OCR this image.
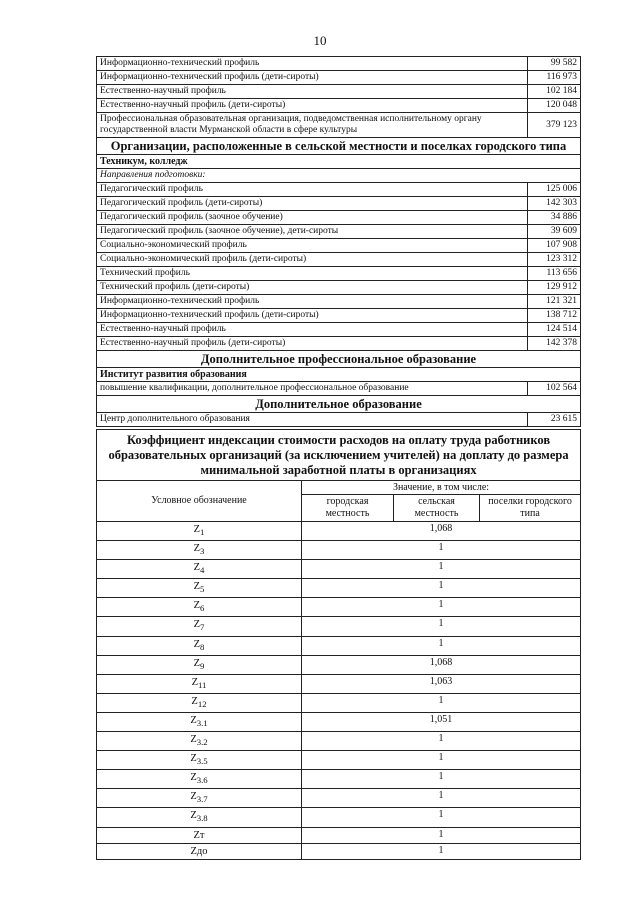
10
Информационно-технический профиль	99 582
Информационно-технический профиль (дети-сироты)	116 973
Естественно-научный профиль	102 184
Естественно-научный профиль (дети-сироты)	120 048
Профессиональная образовательная организация, подведомственная исполнительному органу государственной власти Мурманской области в сфере культуры	379 123
Организации, расположенные в сельской местности и поселках городского типа	
Техникум, колледж	
Направления подготовки:	
Педагогический профиль	125 006
Педагогический профиль (дети-сироты)	142 303
Педагогический профиль (заочное обучение)	34 886
Педагогический профиль (заочное обучение), дети-сироты	39 609
Социально-экономический профиль	107 908
Социально-экономический профиль (дети-сироты)	123 312
Технический профиль	113 656
Технический профиль (дети-сироты)	129 912
Информационно-технический профиль	121 321
Информационно-технический профиль (дети-сироты)	138 712
Естественно-научный профиль	124 514
Естественно-научный профиль (дети-сироты)	142 378
Дополнительное профессиональное образование	
Институт развития образования	
повышение квалификации, дополнительное профессиональное образование	102 564
Дополнительное образование	
Центр дополнительного образования	23 615
Коэффициент индексации стоимости расходов на оплату труда работников образовательных организаций (за исключением учителей) на доплату до размера минимальной заработной платы в организациях			
Условное обозначение	Значение, в том числе:		
	городская местность	сельская местность	поселки городского типа
$Z_1$	1,068		
$Z_3$	1		
$Z_4$	1		
$Z_5$	1		
$Z_6$	1		
$Z_7$	1		
$Z_8$	1		
$Z_9$	1,068		
$Z_{11}$	1,063		
$Z_{12}$	1		
$Z_{3.1}$	1,051		
$Z_{3.2}$	1		
$Z_{3.5}$	1		
$Z_{3.6}$	1		
$Z_{3.7}$	1		
$Z_{3.8}$	1		
Zт	1		
Zдо	1		
